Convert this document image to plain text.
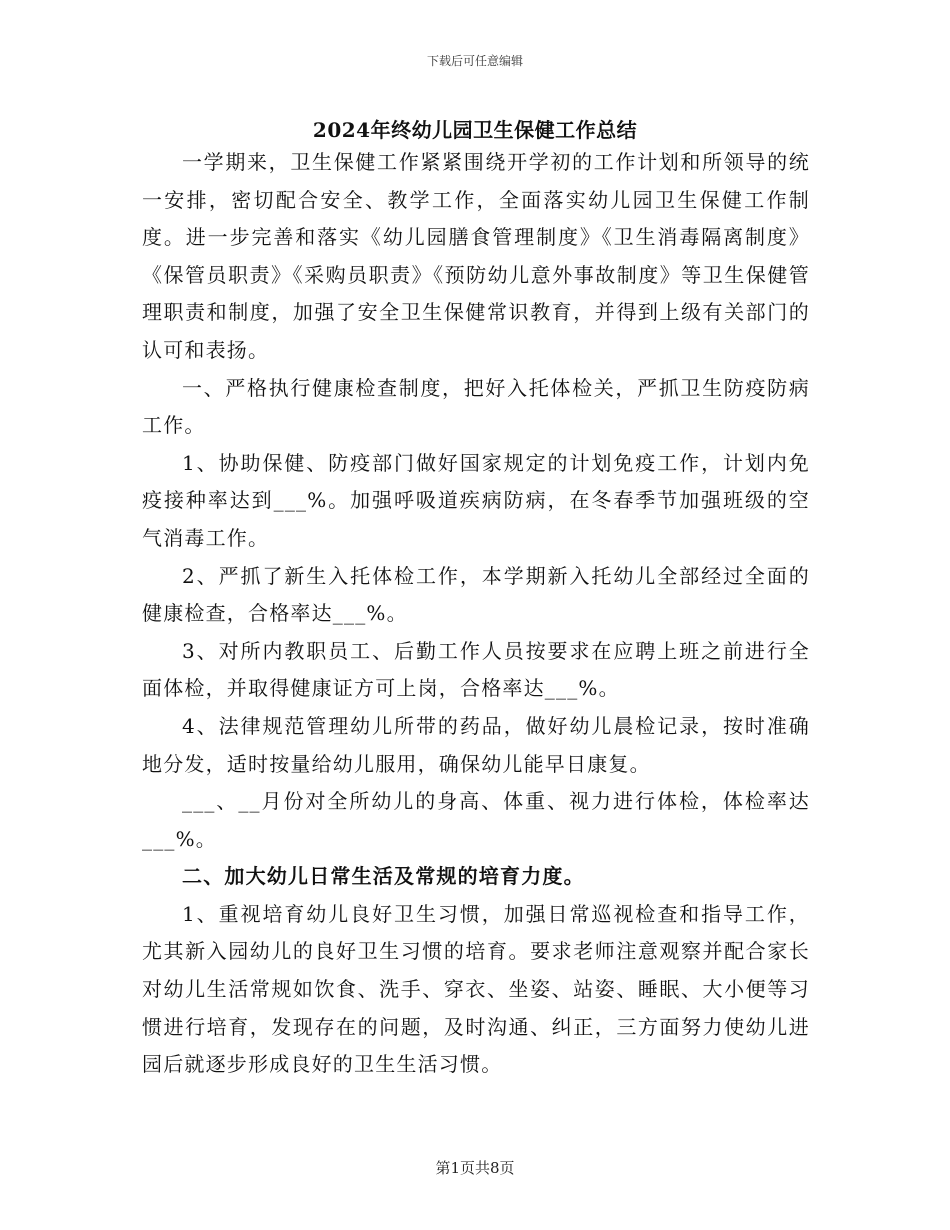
下载后可任意编辑
2024年终幼儿园卫生保健工作总结

一学期来，卫生保健工作紧紧围绕开学初的工作计划和所领导的统一安排，密切配合安全、教学工作，全面落实幼儿园卫生保健工作制度。进一步完善和落实《幼儿园膳食管理制度》《卫生消毒隔离制度》《保管员职责》《采购员职责》《预防幼儿意外事故制度》等卫生保健管理职责和制度，加强了安全卫生保健常识教育，并得到上级有关部门的认可和表扬。

一、严格执行健康检查制度，把好入托体检关，严抓卫生防疫防病工作。

1、协助保健、防疫部门做好国家规定的计划免疫工作，计划内免疫接种率达到___%。加强呼吸道疾病防病，在冬春季节加强班级的空气消毒工作。

2、严抓了新生入托体检工作，本学期新入托幼儿全部经过全面的健康检查，合格率达___%。

3、对所内教职员工、后勤工作人员按要求在应聘上班之前进行全面体检，并取得健康证方可上岗，合格率达___%。

4、法律规范管理幼儿所带的药品，做好幼儿晨检记录，按时准确地分发，适时按量给幼儿服用，确保幼儿能早日康复。

___、__月份对全所幼儿的身高、体重、视力进行体检，体检率达___%。

二、加大幼儿日常生活及常规的培育力度。

1、重视培育幼儿良好卫生习惯，加强日常巡视检查和指导工作，尤其新入园幼儿的良好卫生习惯的培育。要求老师注意观察并配合家长对幼儿生活常规如饮食、洗手、穿衣、坐姿、站姿、睡眠、大小便等习惯进行培育，发现存在的问题，及时沟通、纠正，三方面努力使幼儿进园后就逐步形成良好的卫生生活习惯。

第1页共8页
